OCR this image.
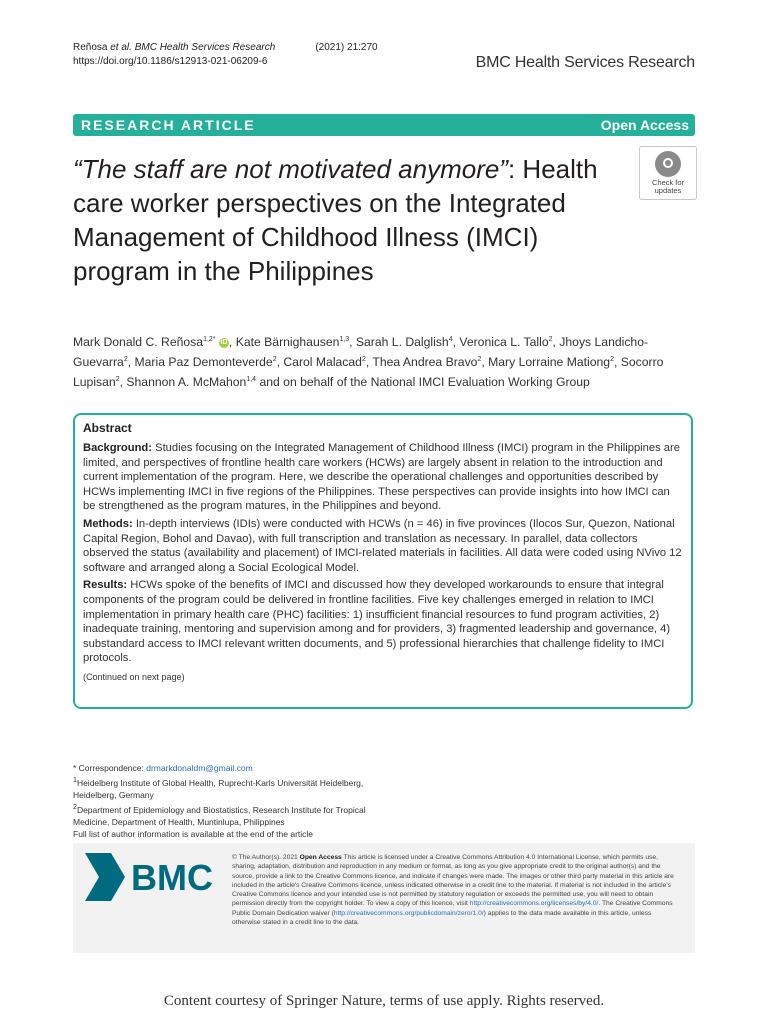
Reñosa et al. BMC Health Services Research	(2021) 21:270
https://doi.org/10.1186/s12913-021-06209-6	BMC Health Services Research
RESEARCH ARTICLE	Open Access
“The staff are not motivated anymore”: Health care worker perspectives on the Integrated Management of Childhood Illness (IMCI) program in the Philippines
Check for
updates
Mark Donald C. Reñosa$^{1,2*}$ iD , Kate Bärnighausen$^{1,3}$, Sarah L. Dalglish$^4$, Veronica L. Tallo$^2$, Jhoys Landicho-Guevarra$^2$, Maria Paz Demonteverde$^2$, Carol Malacad$^2$, Thea Andrea Bravo$^2$, Mary Lorraine Mationg$^2$, Socorro Lupisan$^2$, Shannon A. McMahon$^{1,4}$ and on behalf of the National IMCI Evaluation Working Group
Abstract

Background: Studies focusing on the Integrated Management of Childhood Illness (IMCI) program in the Philippines are limited, and perspectives of frontline health care workers (HCWs) are largely absent in relation to the introduction and current implementation of the program. Here, we describe the operational challenges and opportunities described by HCWs implementing IMCI in five regions of the Philippines. These perspectives can provide insights into how IMCI can be strengthened as the program matures, in the Philippines and beyond.

Methods: In-depth interviews (IDIs) were conducted with HCWs (n = 46) in five provinces (Ilocos Sur, Quezon, National Capital Region, Bohol and Davao), with full transcription and translation as necessary. In parallel, data collectors observed the status (availability and placement) of IMCI-related materials in facilities. All data were coded using NVivo 12 software and arranged along a Social Ecological Model.

Results: HCWs spoke of the benefits of IMCI and discussed how they developed workarounds to ensure that integral components of the program could be delivered in frontline facilities. Five key challenges emerged in relation to IMCI implementation in primary health care (PHC) facilities: 1) insufficient financial resources to fund program activities, 2) inadequate training, mentoring and supervision among and for providers, 3) fragmented leadership and governance, 4) substandard access to IMCI relevant written documents, and 5) professional hierarchies that challenge fidelity to IMCI protocols.

(Continued on next page)
* Correspondence: drmarkdonaldm@gmail.com
$^1$Heidelberg Institute of Global Health, Ruprecht-Karls Universität Heidelberg, Heidelberg, Germany
$^2$Department of Epidemiology and Biostatistics, Research Institute for Tropical Medicine, Department of Health, Muntinlupa, Philippines
Full list of author information is available at the end of the article
BMC	© The Author(s). 2021 Open Access This article is licensed under a Creative Commons Attribution 4.0 International License, which permits use, sharing, adaptation, distribution and reproduction in any medium or format, as long as you give appropriate credit to the original author(s) and the source, provide a link to the Creative Commons licence, and indicate if changes were made. The images or other third party material in this article are included in the article's Creative Commons licence, unless indicated otherwise in a credit line to the material. If material is not included in the article's Creative Commons licence and your intended use is not permitted by statutory regulation or exceeds the permitted use, you will need to obtain permission directly from the copyright holder. To view a copy of this licence, visit http://creativecommons.org/licenses/by/4.0/. The Creative Commons Public Domain Dedication waiver (http://creativecommons.org/publicdomain/zero/1.0/) applies to the data made available in this article, unless otherwise stated in a credit line to the data.
Content courtesy of Springer Nature, terms of use apply. Rights reserved.
